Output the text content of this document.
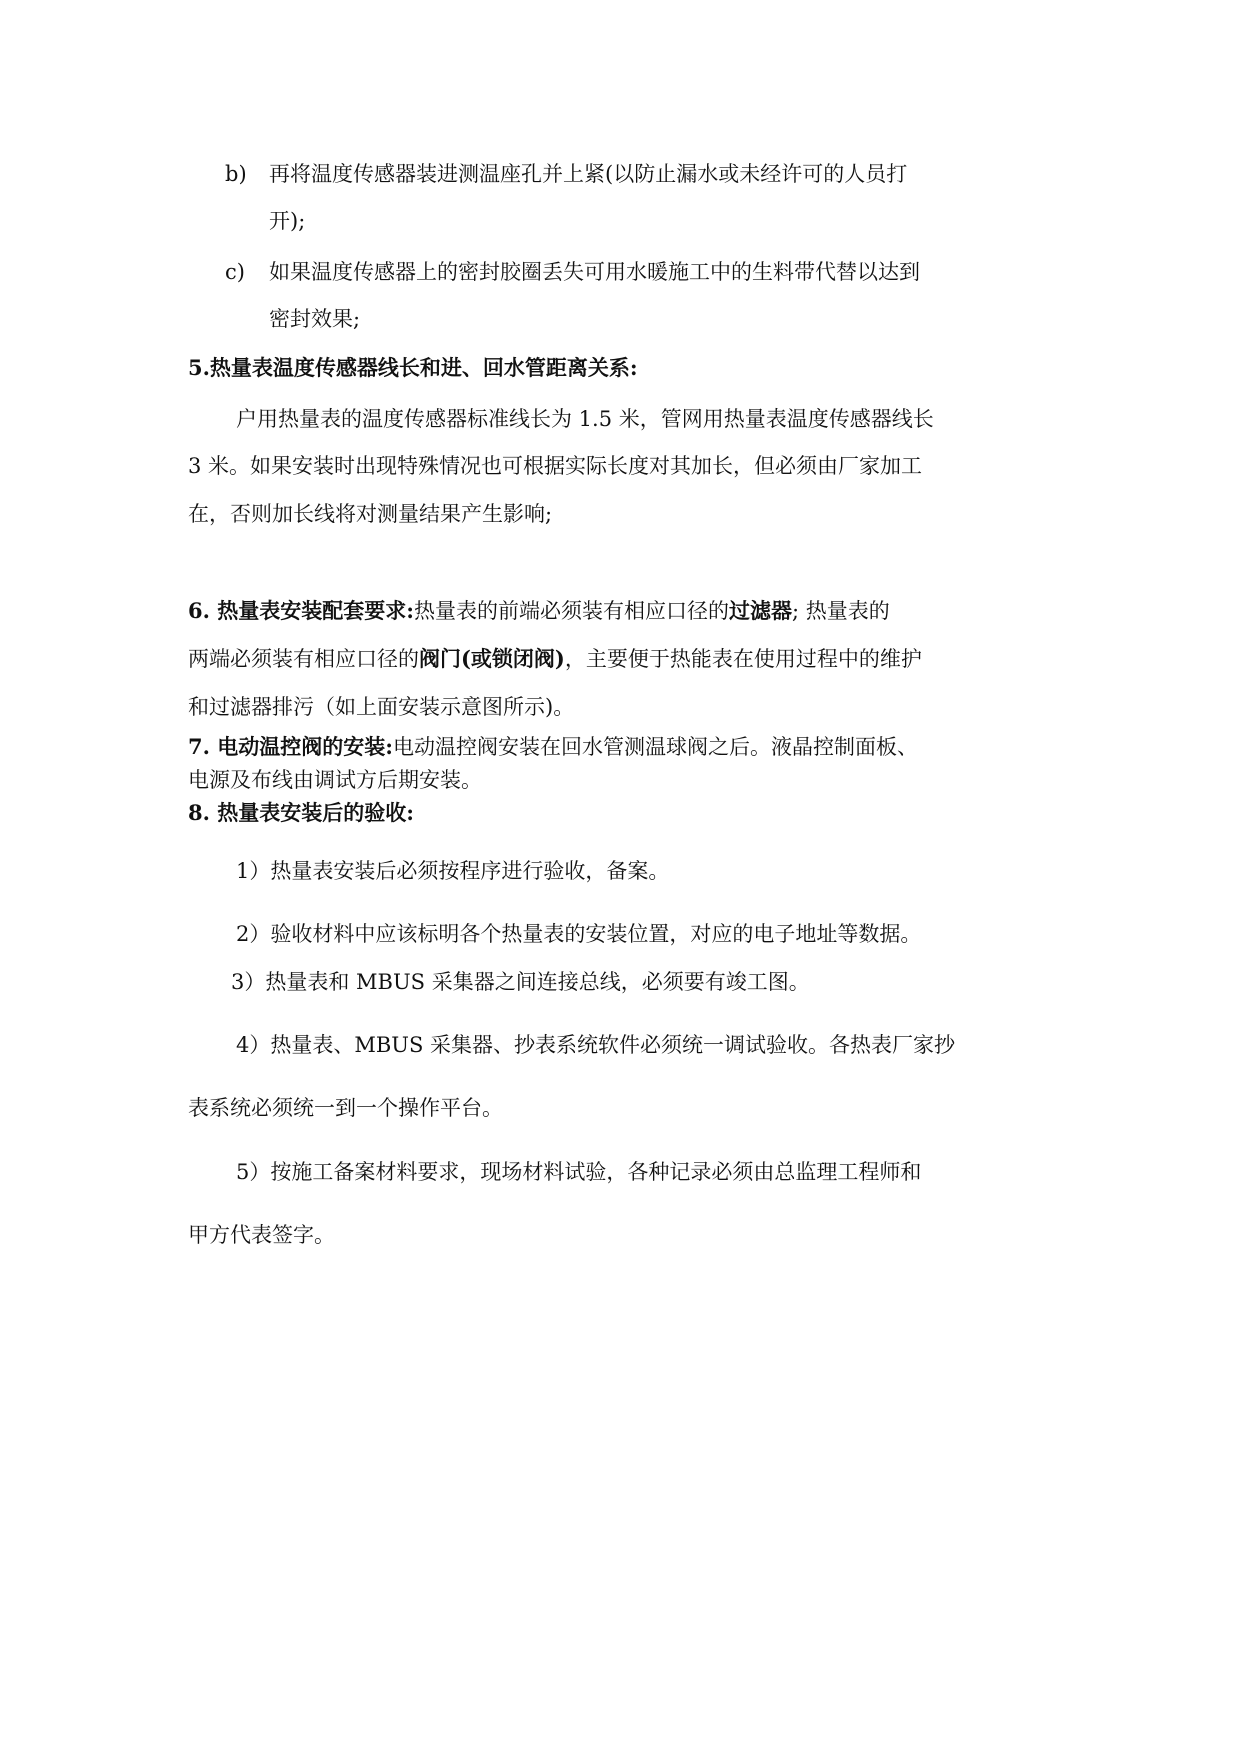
b) 再将温度传感器装进测温座孔并上紧(以防止漏水或未经许可的人员打
开);
c) 如果温度传感器上的密封胶圈丢失可用水暖施工中的生料带代替以达到
密封效果;
5.热量表温度传感器线长和进、回水管距离关系:
户用热量表的温度传感器标准线长为 1.5 米，管网用热量表温度传感器线长
3 米。如果安装时出现特殊情况也可根据实际长度对其加长，但必须由厂家加工
在，否则加长线将对测量结果产生影响;
6. 热量表安装配套要求:热量表的前端必须装有相应口径的过滤器; 热量表的
两端必须装有相应口径的阀门(或锁闭阀)，主要便于热能表在使用过程中的维护
和过滤器排污（如上面安装示意图所示)。
7. 电动温控阀的安装:电动温控阀安装在回水管测温球阀之后。液晶控制面板、
电源及布线由调试方后期安装。
8. 热量表安装后的验收:
1）热量表安装后必须按程序进行验收，备案。
2）验收材料中应该标明各个热量表的安装位置，对应的电子地址等数据。
3）热量表和 MBUS 采集器之间连接总线，必须要有竣工图。
4）热量表、MBUS 采集器、抄表系统软件必须统一调试验收。各热表厂家抄
表系统必须统一到一个操作平台。
5）按施工备案材料要求，现场材料试验，各种记录必须由总监理工程师和
甲方代表签字。
